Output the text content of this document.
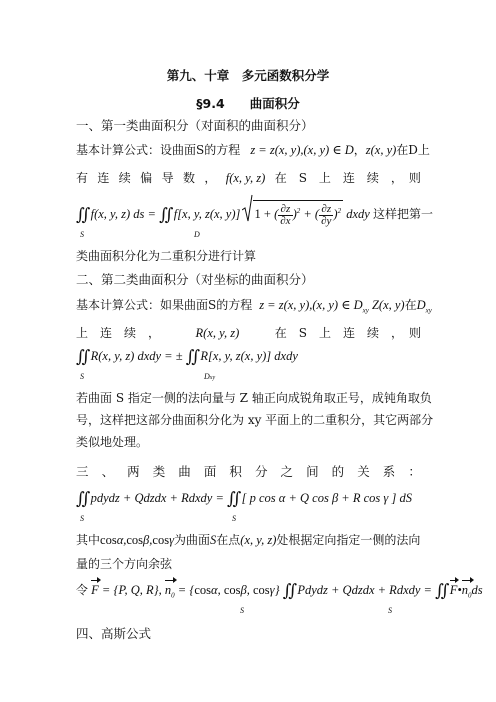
第九、十章　多元函数积分学
§9.4　　曲面积分
一、第一类曲面积分（对面积的曲面积分）
基本计算公式：设曲面S的方程   z = z(x, y),(x, y) ∈ D，z(x, y)在D上
有 连 续 偏 导 数 ， f(x, y, z) 在　S　上　连　续　，　则
∬
S
f(x, y, z) ds = ∬
D
f[x, y, z(x, y)]
1 + ( $\frac{\partial z}{\partial x} )^2$ + ( $\frac{\partial z}{\partial y} )^2$ dxdy 这样把第一
类曲面积分化为二重积分进行计算
二、第二类曲面积分（对坐标的曲面积分）
基本计算公式：如果曲面S的方程  z = z(x, y),(x, y) ∈ $D_{xy}$ Z(x, y)在$D_{xy}$
上　连　续　，	R(x, y, z)	在　S　上　连　续　，　则
∬
S
R(x, y, z) dxdy = ± ∬
Dxy
R[x, y, z(x, y)] dxdy
若曲面 S 指定一侧的法向量与 Z 轴正向成锐角取正号，成钝角取负
号，这样把这部分曲面积分化为 xy 平面上的二重积分，其它两部分
类似地处理。
三 、 两 类 曲 面 积 分 之 间 的 关 系 ：
∬
S
pdydz + Qdzdx + Rdxdy = ∬
S
[ p cos α + Q cos β + R cos γ ] dS
其中cosα,cosβ,cosγ为曲面S在点(x, y, z)处根据定向指定一侧的法向
量的三个方向余弦
令 F = {P, Q, R}, $n_0 = \{\cos\alpha$, cosβ, cosγ} ∬
S
Pdydz + Qdzdx + Rdxdy = ∬
S
$F•n_0ds$
四、高斯公式
